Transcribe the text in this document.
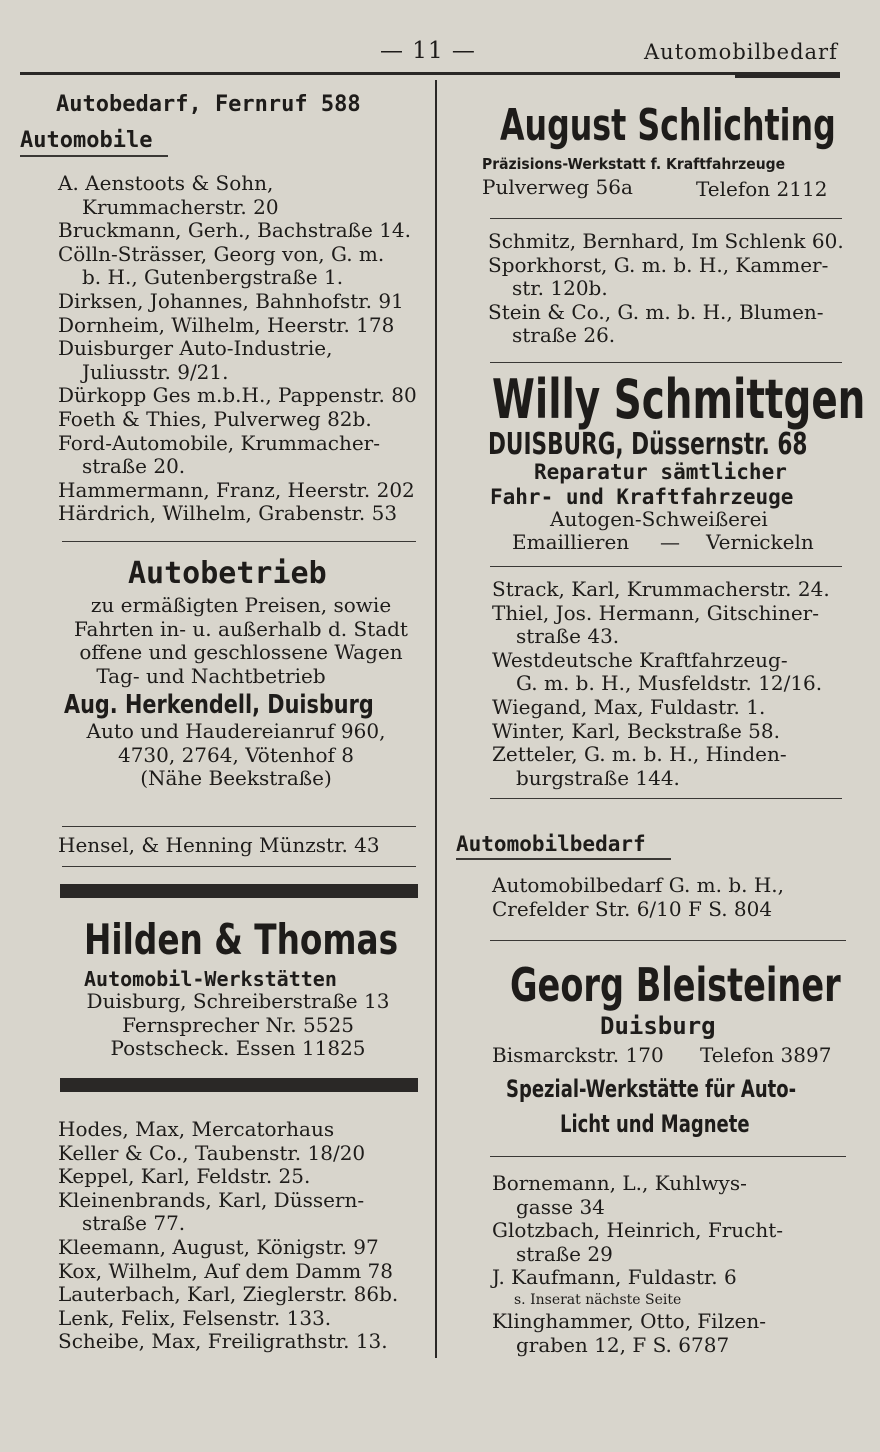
— 11 —	Automobilbedarf
Autobedarf, Fernruf 588
Automobile
A. Aenstoots & Sohn,
Krummacherstr. 20
Bruckmann, Gerh., Bachstraße 14.
Cölln-Strässer, Georg von, G. m.
b. H., Gutenbergstraße 1.
Dirksen, Johannes, Bahnhofstr. 91
Dornheim, Wilhelm, Heerstr. 178
Duisburger Auto-Industrie,
Juliusstr. 9/21.
Dürkopp Ges m.b.H., Pappenstr. 80
Foeth & Thies, Pulverweg 82b.
Ford-Automobile, Krummacher-
straße 20.
Hammermann, Franz, Heerstr. 202
Härdrich, Wilhelm, Grabenstr. 53
Autobetrieb
zu ermäßigten Preisen, sowie
Fahrten in- u. außerhalb d. Stadt
offene und geschlossene Wagen
Tag- und Nachtbetrieb
Aug. Herkendell, Duisburg
Auto und Haudereianruf 960,
4730, 2764, Vötenhof 8
(Nähe Beekstraße)
Hensel, & Henning Münzstr. 43
Hilden & Thomas
Automobil-Werkstätten
Duisburg, Schreiberstraße 13
Fernsprecher Nr. 5525
Postscheck. Essen 11825
Hodes, Max, Mercatorhaus
Keller & Co., Taubenstr. 18/20
Keppel, Karl, Feldstr. 25.
Kleinenbrands, Karl, Düssern-
straße 77.
Kleemann, August, Königstr. 97
Kox, Wilhelm, Auf dem Damm 78
Lauterbach, Karl, Zieglerstr. 86b.
Lenk, Felix, Felsenstr. 133.
Scheibe, Max, Freiligrathstr. 13.
August Schlichting
Präzisions-Werkstatt f. Kraftfahrzeuge
Pulverweg 56a	Telefon 2112
Schmitz, Bernhard, Im Schlenk 60.
Sporkhorst, G. m. b. H., Kammer-
str. 120b.
Stein & Co., G. m. b. H., Blumen-
straße 26.
Willy Schmittgen
DUISBURG, Düssernstr. 68
Reparatur sämtlicher
Fahr- und Kraftfahrzeuge
Autogen-Schweißerei
Emaillieren — Vernickeln
Strack, Karl, Krummacherstr. 24.
Thiel, Jos. Hermann, Gitschiner-
straße 43.
Westdeutsche Kraftfahrzeug-
G. m. b. H., Musfeldstr. 12/16.
Wiegand, Max, Fuldastr. 1.
Winter, Karl, Beckstraße 58.
Zetteler, G. m. b. H., Hinden-
burgstraße 144.
Automobilbedarf
Automobilbedarf G. m. b. H.,
Crefelder Str. 6/10 F S. 804
Georg Bleisteiner
Duisburg
Bismarckstr. 170 Telefon 3897
Spezial-Werkstätte für Auto-
Licht und Magnete
Bornemann, L., Kuhlwys-
gasse 34
Glotzbach, Heinrich, Frucht-
straße 29
J. Kaufmann, Fuldastr. 6
s. Inserat nächste Seite
Klinghammer, Otto, Filzen-
graben 12, F S. 6787
